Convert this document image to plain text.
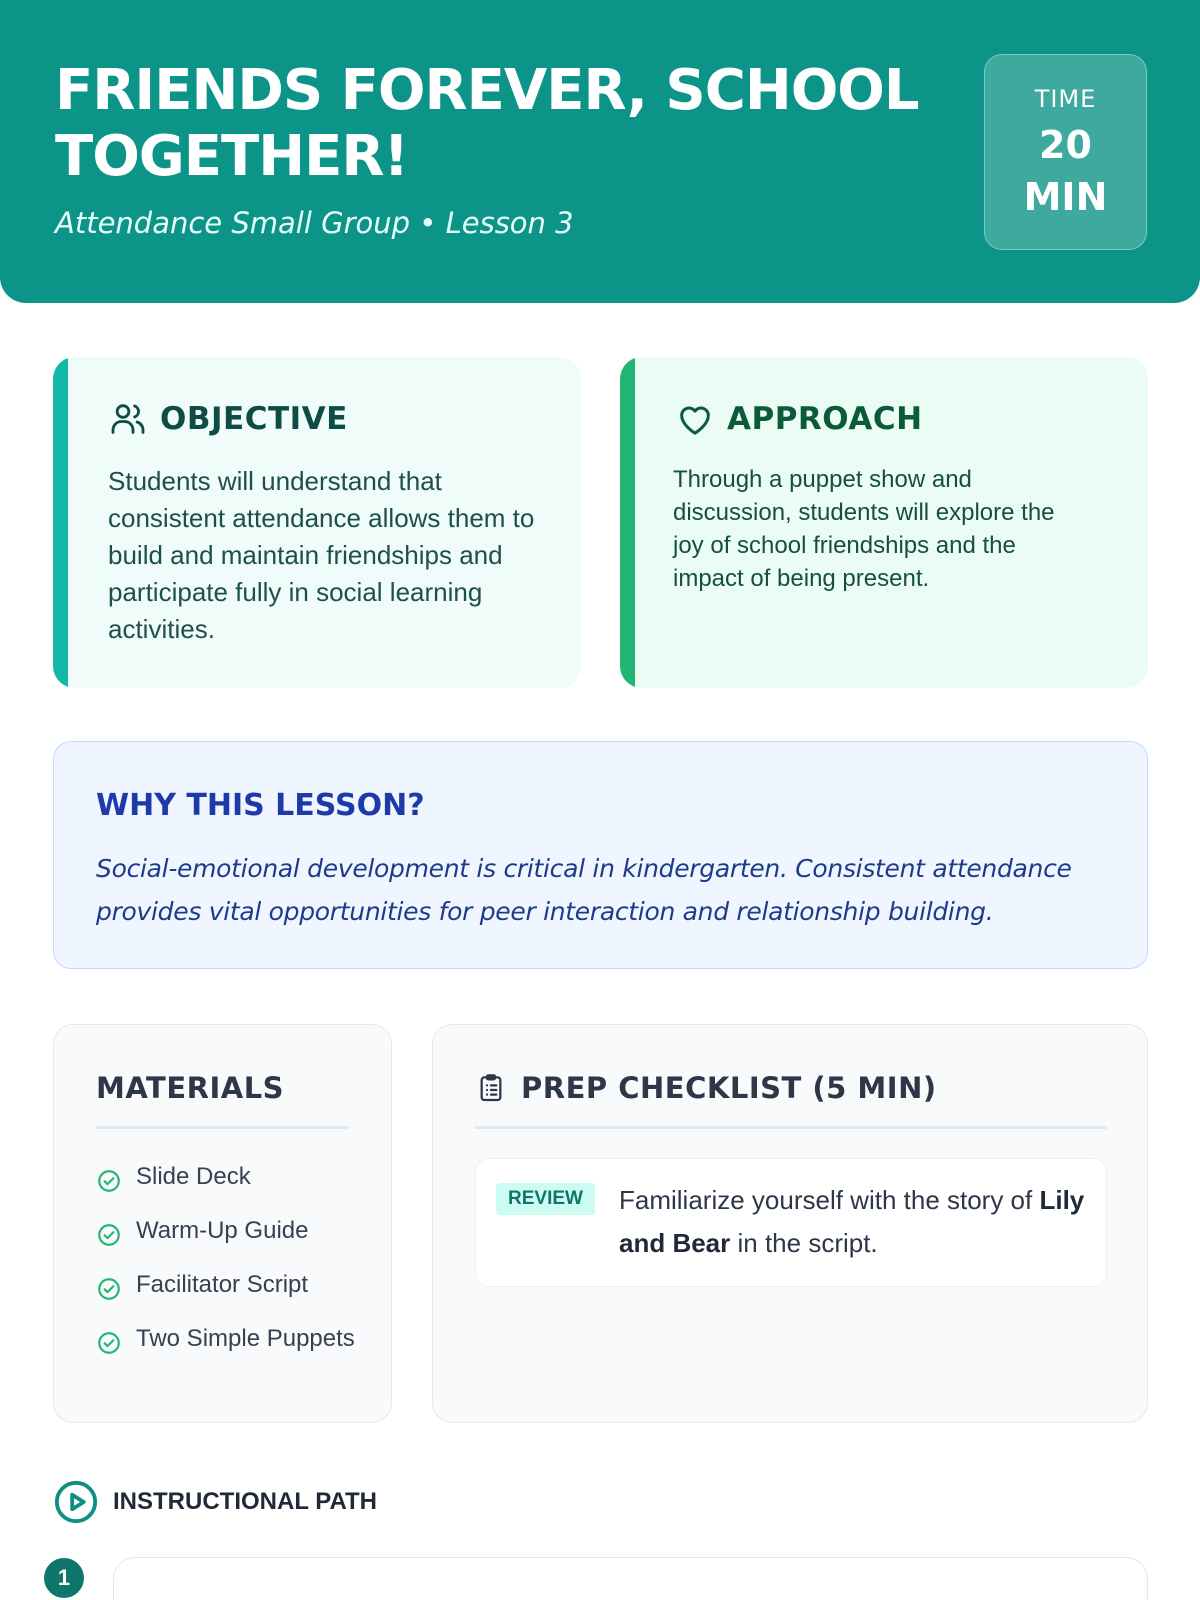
FRIENDS FOREVER, SCHOOL TOGETHER!
Attendance Small Group • Lesson 3
TIME
20 MIN
OBJECTIVE

Students will understand that consistent attendance allows them to build and maintain friendships and participate fully in social learning activities.

APPROACH

Through a puppet show and discussion, students will explore the joy of school friendships and the impact of being present.

WHY THIS LESSON?

Social-emotional development is critical in kindergarten. Consistent attendance provides vital opportunities for peer interaction and relationship building.

MATERIALS
Slide Deck
Warm-Up Guide
Facilitator Script
Two Simple Puppets
PREP CHECKLIST (5 MIN)
REVIEW	Familiarize yourself with the story of Lily and Bear in the script.

INSTRUCTIONAL PATH
1
